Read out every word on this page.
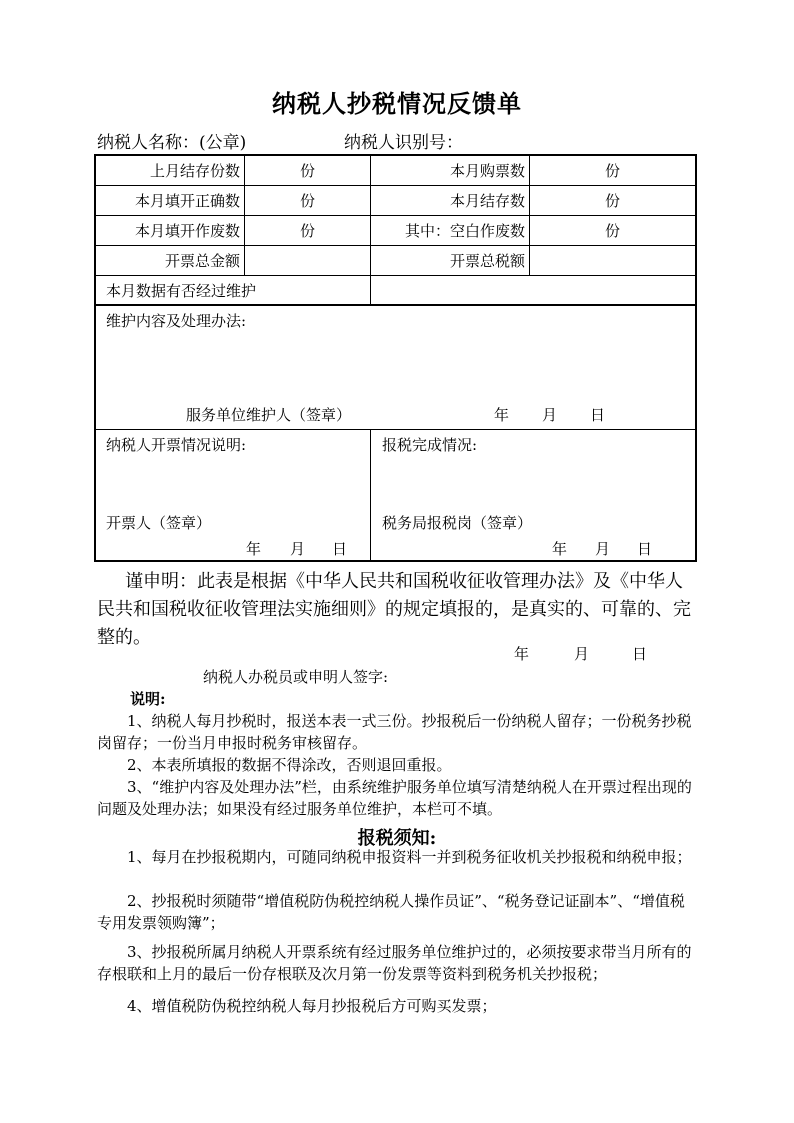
纳税人抄税情况反馈单
纳税人名称：(公章)	纳税人识别号：
上月结存份数	份	本月购票数	份
本月填开正确数	份	本月结存数	份
本月填开作废数	份	其中：空白作废数	份
开票总金额	开票总税额
本月数据有否经过维护
维护内容及处理办法:
服务单位维护人（签章）	年 月 日
纳税人开票情况说明:
开票人（签章）
年 月 日
报税完成情况:
税务局报税岗（签章）
年 月 日
谨申明：此表是根据《中华人民共和国税收征收管理办法》及《中华人民共和国税收征收管理法实施细则》的规定填报的，是真实的、可靠的、完整的。
年	月	日
纳税人办税员或申明人签字:
说明:
1、纳税人每月抄税时，报送本表一式三份。抄报税后一份纳税人留存；一份税务抄税岗留存；一份当月申报时税务审核留存。
2、本表所填报的数据不得涂改，否则退回重报。
3、“维护内容及处理办法”栏，由系统维护服务单位填写清楚纳税人在开票过程出现的问题及处理办法；如果没有经过服务单位维护，本栏可不填。
报税须知:
1、每月在抄报税期内，可随同纳税申报资料一并到税务征收机关抄报税和纳税申报；
2、抄报税时须随带“增值税防伪税控纳税人操作员证”、“税务登记证副本”、“增值税专用发票领购簿”；
3、抄报税所属月纳税人开票系统有经过服务单位维护过的，必须按要求带当月所有的存根联和上月的最后一份存根联及次月第一份发票等资料到税务机关抄报税；
4、增值税防伪税控纳税人每月抄报税后方可购买发票；
